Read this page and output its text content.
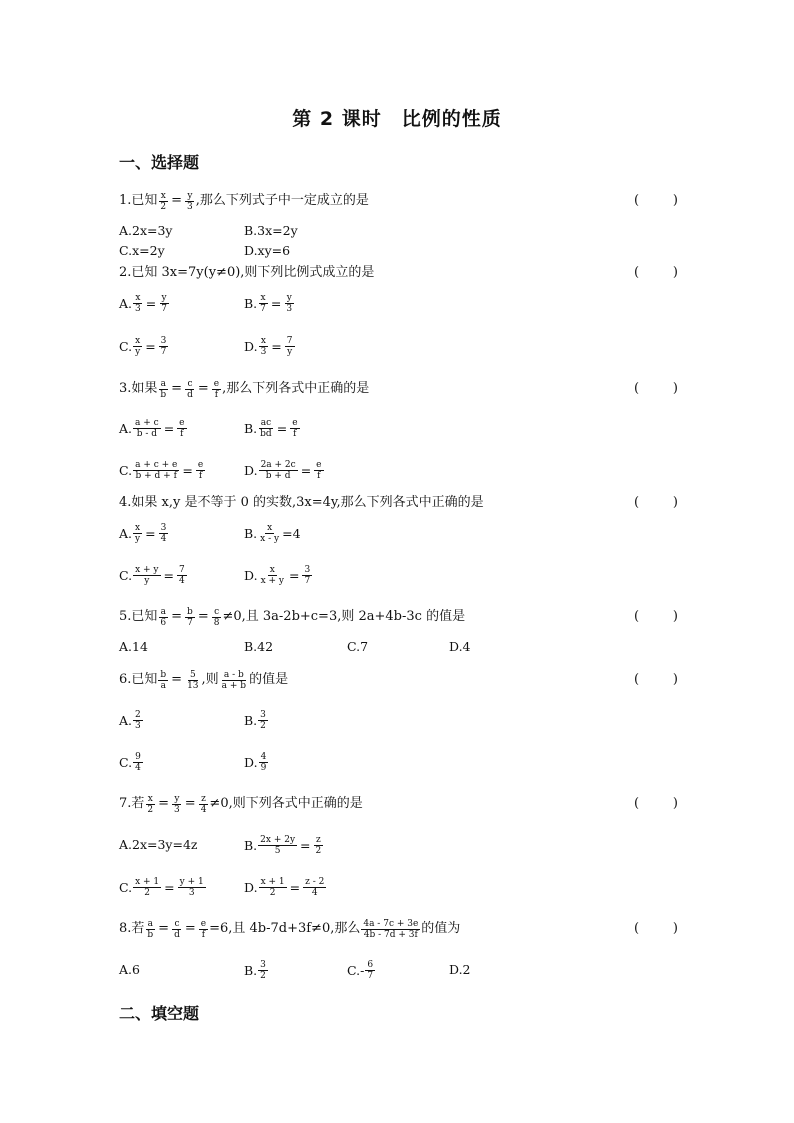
第 2 课时　比例的性质
一、选择题
1.已知 $\frac{x}{2} = \frac{y}{3}$ ,那么下列式子中一定成立的是	(	)
A.2x=3y	B.3x=2y
C.x=2y	D.xy=6
2.已知 3x=7y(y≠0),则下列比例式成立的是	(	)
A. $\frac{x}{3} = \frac{y}{7}$	B. $\frac{x}{7} = \frac{y}{3}$
C. $\frac{x}{y} = \frac{3}{7}$	D. $\frac{x}{3} = \frac{7}{y}$
3.如果 $\frac{a}{b} = \frac{c}{d} = \frac{e}{f}$ ,那么下列各式中正确的是	(	)
A. $\frac{a + c}{b - d} = \frac{e}{f}$	B. $\frac{ac}{bd} = \frac{e}{f}$
C. $\frac{a + c + e}{b + d + f} = \frac{e}{f}$	D. $\frac{2a + 2c}{b + d} = \frac{e}{f}$
4.如果 x,y 是不等于 0 的实数,3x=4y,那么下列各式中正确的是	(	)
A. $\frac{x}{y} = \frac{3}{4}$	B. $\frac{x}{x - y} =4$
C. $\frac{x + y}{y} = \frac{7}{4}$	D. $\frac{x}{x + y} = \frac{3}{7}$
5.已知 $\frac{a}{6} = \frac{b}{7} = \frac{c}{8} \ne 0$,且 3a-2b+c=3,则 2a+4b-3c 的值是	(	)
A.14	B.42	C.7	D.4
6.已知 $\frac{b}{a} = \frac{5}{13}$ ,则 $\frac{a - b}{a + b}$ 的值是	(	)
A. $\frac{2}{3}$	B. $\frac{3}{2}$
C. $\frac{9}{4}$	D. $\frac{4}{9}$
7.若 $\frac{x}{2} = \frac{y}{3} = \frac{z}{4} \ne 0$,则下列各式中正确的是	(	)
A.2x=3y=4z	B. $\frac{2x + 2y}{5} = \frac{z}{2}$
C. $\frac{x + 1}{2} = \frac{y + 1}{3}$	D. $\frac{x + 1}{2} = \frac{z - 2}{4}$
8.若 $\frac{a}{b} = \frac{c}{d} = \frac{e}{f} =6$,且 4b-7d+3f≠0,那么 $\frac{4a - 7c + 3e}{4b - 7d + 3f}$ 的值为	(	)
A.6	B. $\frac{3}{2}$	$C.- \frac{6}{7}$	D.2
二、填空题
